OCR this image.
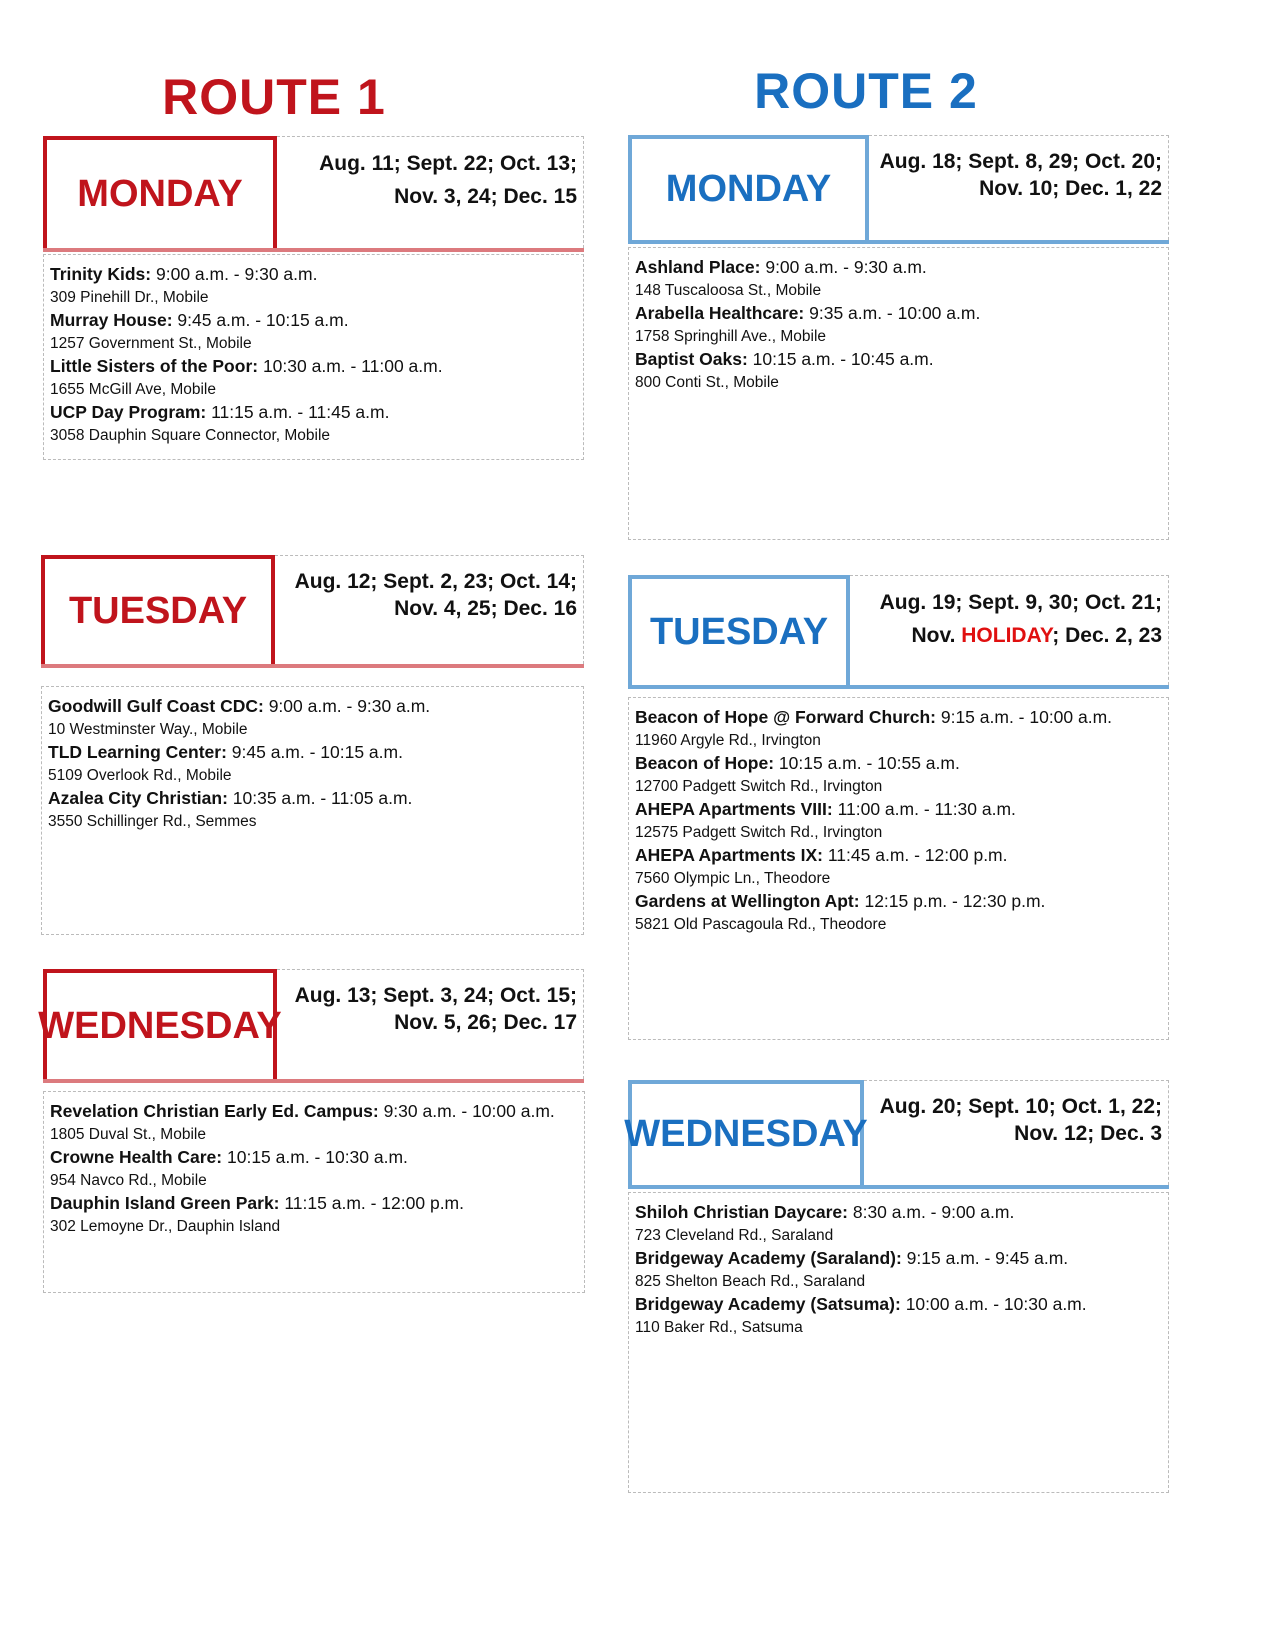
ROUTE 1	ROUTE 2
MONDAY
Aug. 11; Sept. 22; Oct. 13;
Nov. 3, 24; Dec. 15
Trinity Kids: 9:00 a.m. - 9:30 a.m.
309 Pinehill Dr., Mobile
Murray House: 9:45 a.m. - 10:15 a.m.
1257 Government St., Mobile
Little Sisters of the Poor: 10:30 a.m. - 11:00 a.m.
1655 McGill Ave, Mobile
UCP Day Program: 11:15 a.m. - 11:45 a.m.
3058 Dauphin Square Connector, Mobile
TUESDAY
Aug. 12; Sept. 2, 23; Oct. 14;
Nov. 4, 25; Dec. 16
Goodwill Gulf Coast CDC: 9:00 a.m. - 9:30 a.m.
10 Westminster Way., Mobile
TLD Learning Center: 9:45 a.m. - 10:15 a.m.
5109 Overlook Rd., Mobile
Azalea City Christian: 10:35 a.m. - 11:05 a.m.
3550 Schillinger Rd., Semmes
WEDNESDAY
Aug. 13; Sept. 3, 24; Oct. 15;
Nov. 5, 26; Dec. 17
Revelation Christian Early Ed. Campus: 9:30 a.m. - 10:00 a.m.
1805 Duval St., Mobile
Crowne Health Care: 10:15 a.m. - 10:30 a.m.
954 Navco Rd., Mobile
Dauphin Island Green Park: 11:15 a.m. - 12:00 p.m.
302 Lemoyne Dr., Dauphin Island
MONDAY
Aug. 18; Sept. 8, 29; Oct. 20;
Nov. 10; Dec. 1, 22
Ashland Place: 9:00 a.m. - 9:30 a.m.
148 Tuscaloosa St., Mobile
Arabella Healthcare: 9:35 a.m. - 10:00 a.m.
1758 Springhill Ave., Mobile
Baptist Oaks: 10:15 a.m. - 10:45 a.m.
800 Conti St., Mobile
TUESDAY
Aug. 19; Sept. 9, 30; Oct. 21;
Nov. HOLIDAY; Dec. 2, 23
Beacon of Hope @ Forward Church: 9:15 a.m. - 10:00 a.m.
11960 Argyle Rd., Irvington
Beacon of Hope: 10:15 a.m. - 10:55 a.m.
12700 Padgett Switch Rd., Irvington
AHEPA Apartments VIII: 11:00 a.m. - 11:30 a.m.
12575 Padgett Switch Rd., Irvington
AHEPA Apartments IX: 11:45 a.m. - 12:00 p.m.
7560 Olympic Ln., Theodore
Gardens at Wellington Apt: 12:15 p.m. - 12:30 p.m.
5821 Old Pascagoula Rd., Theodore
WEDNESDAY
Aug. 20; Sept. 10; Oct. 1, 22;
Nov. 12; Dec. 3
Shiloh Christian Daycare: 8:30 a.m. - 9:00 a.m.
723 Cleveland Rd., Saraland
Bridgeway Academy (Saraland): 9:15 a.m. - 9:45 a.m.
825 Shelton Beach Rd., Saraland
Bridgeway Academy (Satsuma): 10:00 a.m. - 10:30 a.m.
110 Baker Rd., Satsuma
